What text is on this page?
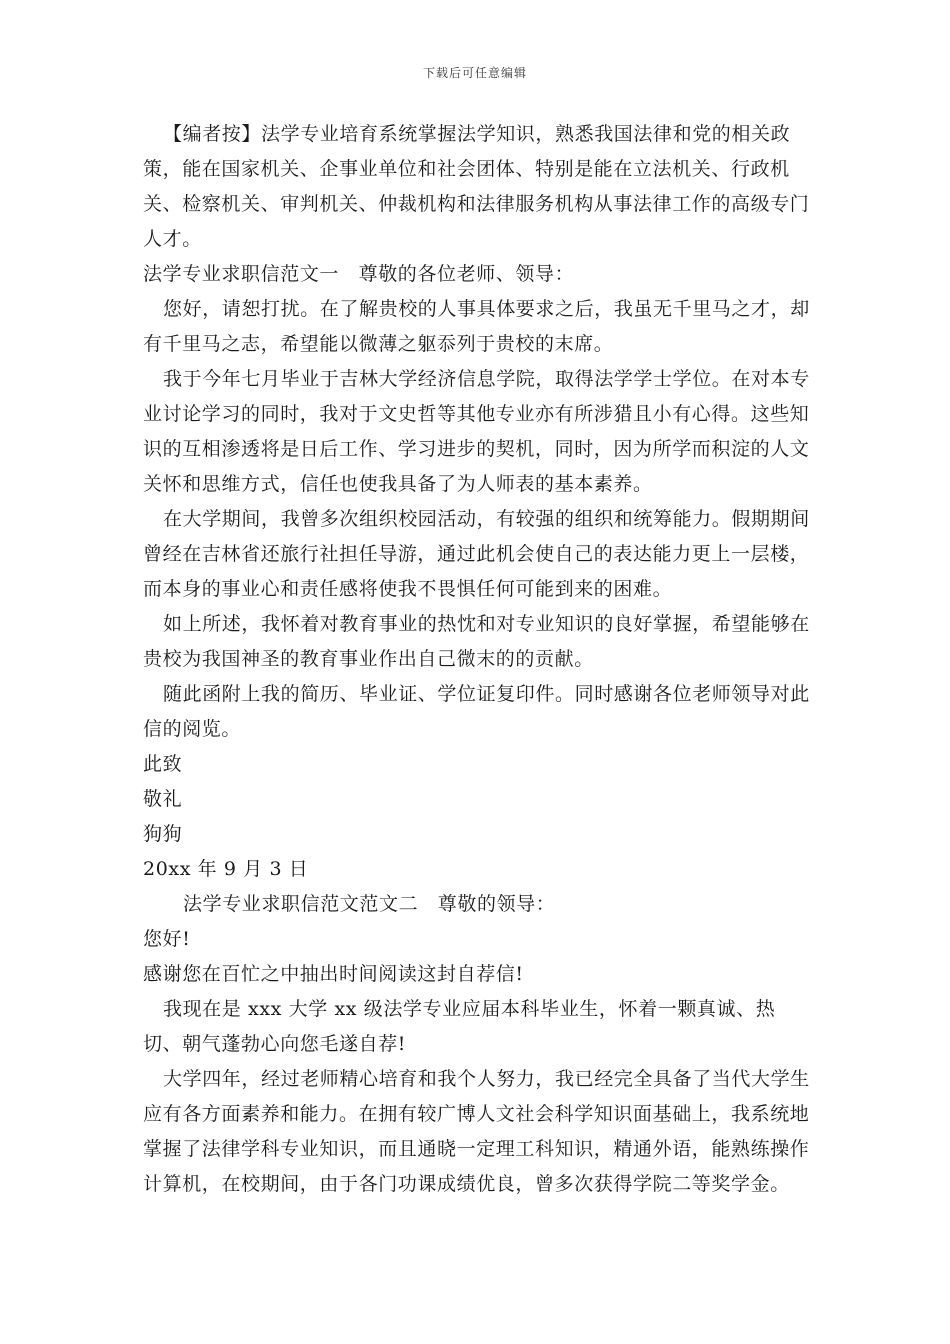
下载后可任意编辑

【编者按】法学专业培育系统掌握法学知识，熟悉我国法律和党的相关政策，能在国家机关、企事业单位和社会团体、特别是能在立法机关、行政机关、检察机关、审判机关、仲裁机构和法律服务机构从事法律工作的高级专门人才。

法学专业求职信范文一　尊敬的各位老师、领导：

您好，请恕打扰。在了解贵校的人事具体要求之后，我虽无千里马之才，却有千里马之志，希望能以微薄之躯忝列于贵校的末席。

我于今年七月毕业于吉林大学经济信息学院，取得法学学士学位。在对本专业讨论学习的同时，我对于文史哲等其他专业亦有所涉猎且小有心得。这些知识的互相渗透将是日后工作、学习进步的契机，同时，因为所学而积淀的人文关怀和思维方式，信任也使我具备了为人师表的基本素养。

在大学期间，我曾多次组织校园活动，有较强的组织和统筹能力。假期期间曾经在吉林省还旅行社担任导游，通过此机会使自己的表达能力更上一层楼，而本身的事业心和责任感将使我不畏惧任何可能到来的困难。

如上所述，我怀着对教育事业的热忱和对专业知识的良好掌握，希望能够在贵校为我国神圣的教育事业作出自己微末的的贡献。

随此函附上我的简历、毕业证、学位证复印件。同时感谢各位老师领导对此信的阅览。

此致

敬礼

狗狗

20xx 年 9 月 3 日

法学专业求职信范文范文二　尊敬的领导：

您好!

感谢您在百忙之中抽出时间阅读这封自荐信!

我现在是 xxx 大学 xx 级法学专业应届本科毕业生，怀着一颗真诚、热切、朝气蓬勃心向您毛遂自荐!

大学四年，经过老师精心培育和我个人努力，我已经完全具备了当代大学生应有各方面素养和能力。在拥有较广博人文社会科学知识面基础上，我系统地掌握了法律学科专业知识，而且通晓一定理工科知识，精通外语，能熟练操作计算机，在校期间，由于各门功课成绩优良，曾多次获得学院二等奖学金。
